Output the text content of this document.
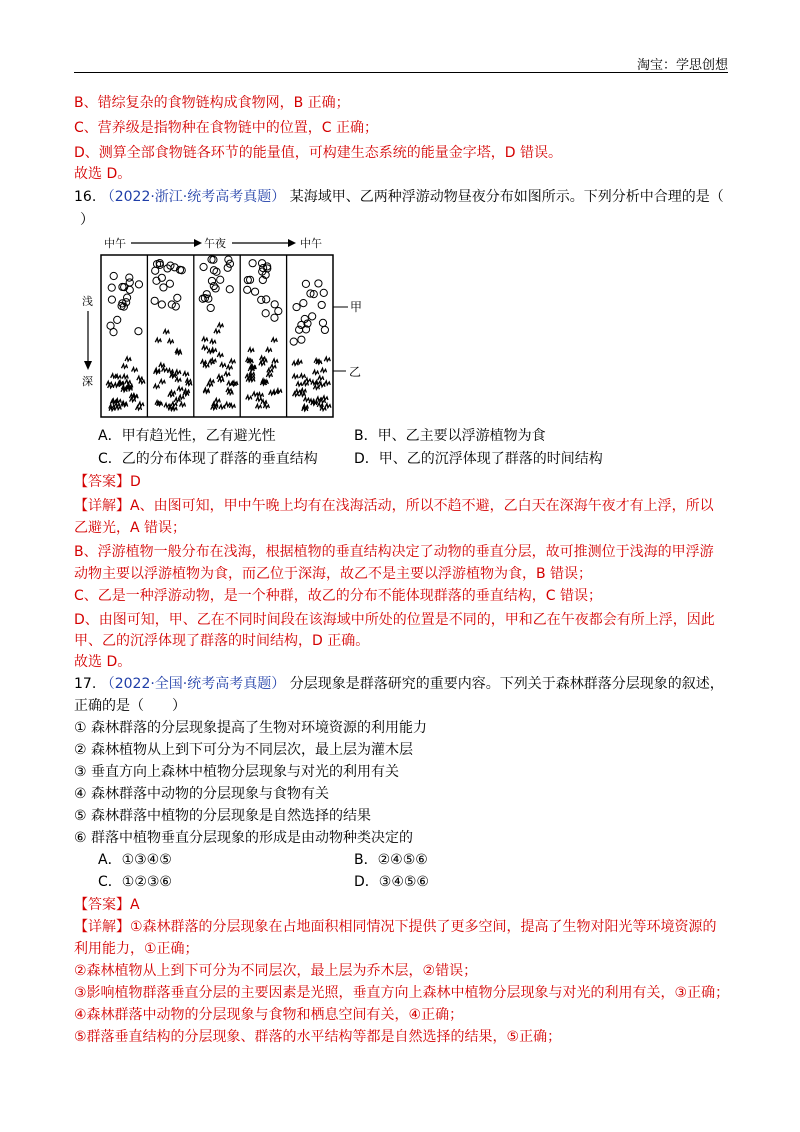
淘宝：学思创想
B、错综复杂的食物链构成食物网，B 正确；
C、营养级是指物种在食物链中的位置，C 正确；
D、测算全部食物链各环节的能量值，可构建生态系统的能量金字塔，D 错误。
故选 D。
16. （2022·浙江·统考高考真题） 某海域甲、乙两种浮游动物昼夜分布如图所示。下列分析中合理的是（
）
中午	午夜	中午
浅
深
甲
乙
A．甲有趋光性，乙有避光性	B．甲、乙主要以浮游植物为食
C．乙的分布体现了群落的垂直结构	D．甲、乙的沉浮体现了群落的时间结构
【答案】D
【详解】A、由图可知，甲中午晚上均有在浅海活动，所以不趋不避，乙白天在深海午夜才有上浮，所以
乙避光，A 错误；
B、浮游植物一般分布在浅海，根据植物的垂直结构决定了动物的垂直分层，故可推测位于浅海的甲浮游
动物主要以浮游植物为食，而乙位于深海，故乙不是主要以浮游植物为食，B 错误；
C、乙是一种浮游动物，是一个种群，故乙的分布不能体现群落的垂直结构，C 错误；
D、由图可知，甲、乙在不同时间段在该海域中所处的位置是不同的，甲和乙在午夜都会有所上浮，因此
甲、乙的沉浮体现了群落的时间结构，D 正确。
故选 D。
17. （2022·全国·统考高考真题） 分层现象是群落研究的重要内容。下列关于森林群落分层现象的叙述，
正确的是（　　）
① 森林群落的分层现象提高了生物对环境资源的利用能力
② 森林植物从上到下可分为不同层次，最上层为灌木层
③ 垂直方向上森林中植物分层现象与对光的利用有关
④ 森林群落中动物的分层现象与食物有关
⑤ 森林群落中植物的分层现象是自然选择的结果
⑥ 群落中植物垂直分层现象的形成是由动物种类决定的
A．①③④⑤	B．②④⑤⑥
C．①②③⑥	D．③④⑤⑥
【答案】A
【详解】①森林群落的分层现象在占地面积相同情况下提供了更多空间，提高了生物对阳光等环境资源的
利用能力，①正确；
②森林植物从上到下可分为不同层次，最上层为乔木层，②错误；
③影响植物群落垂直分层的主要因素是光照，垂直方向上森林中植物分层现象与对光的利用有关，③正确；
④森林群落中动物的分层现象与食物和栖息空间有关，④正确；
⑤群落垂直结构的分层现象、群落的水平结构等都是自然选择的结果，⑤正确；
